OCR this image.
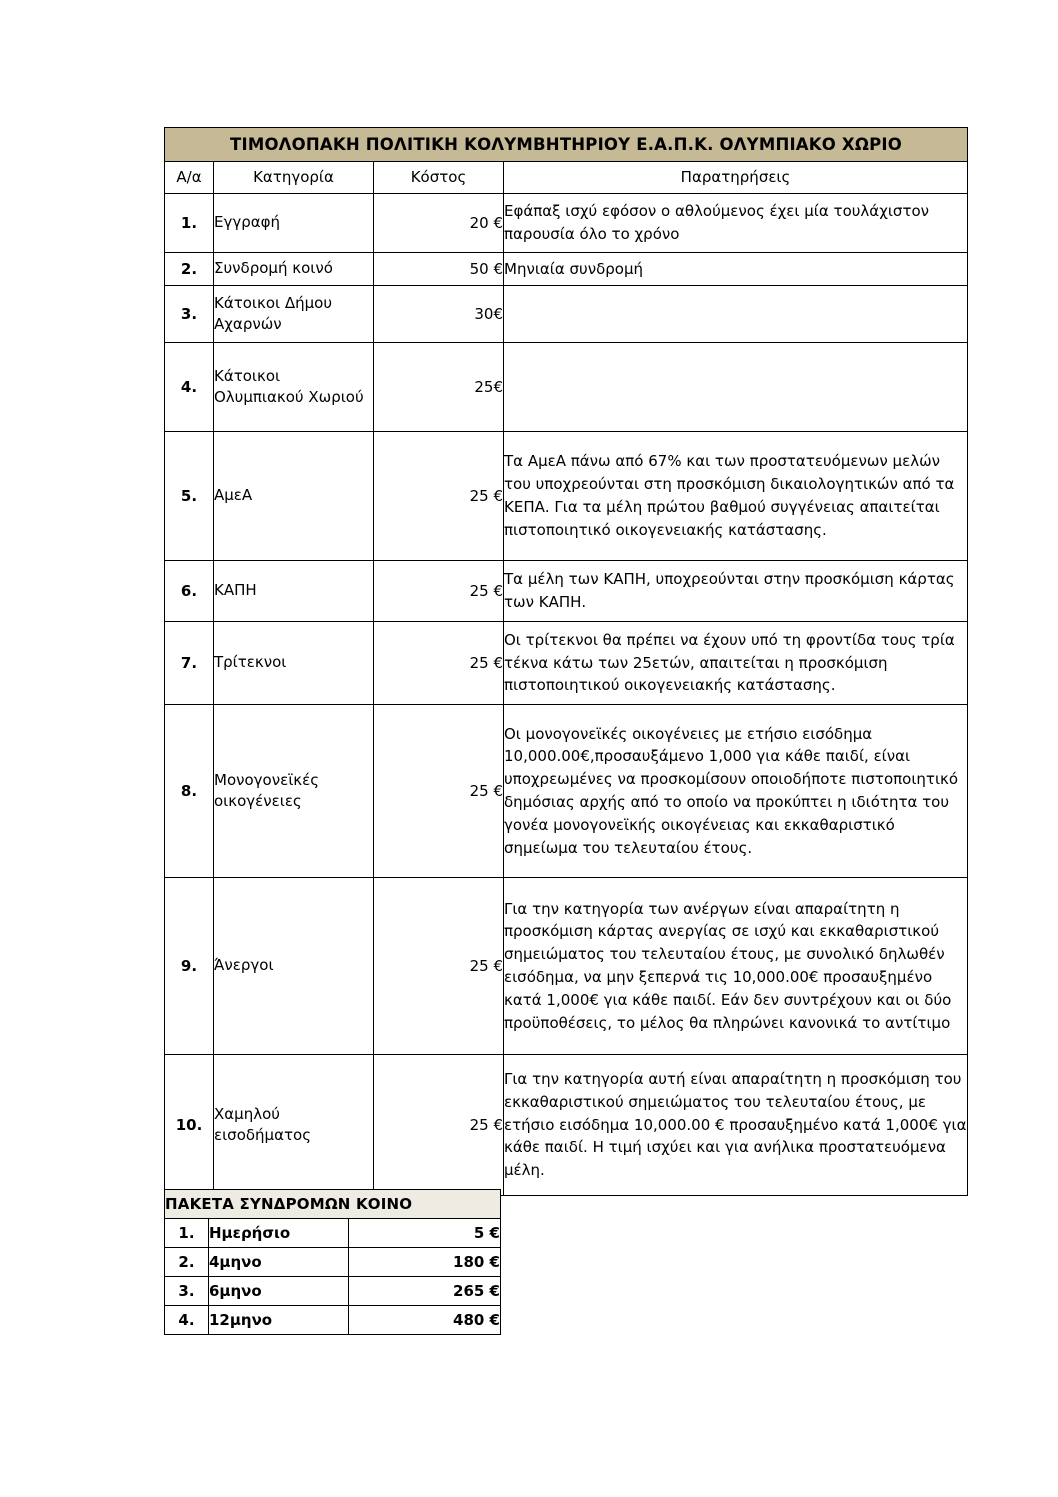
ΤΙΜΟΛΟΠΑΚΗ ΠΟΛΙΤΙΚΗ ΚΟΛΥΜΒΗΤΗΡΙΟΥ Ε.Α.Π.Κ. ΟΛΥΜΠΙΑΚΟ ΧΩΡΙΟ			
Α/α	Κατηγορία	Κόστος	Παρατηρήσεις
1.	Εγγραφή	20 €	Εφάπαξ ισχύ εφόσον ο αθλούμενος έχει μία τουλάχιστον παρουσία όλο το χρόνο
2.	Συνδρομή κοινό	50 €	Μηνιαία συνδρομή
3.	Κάτοικοι Δήμου Αχαρνών	30€	
4.	Κάτοικοι Ολυμπιακού Χωριού	25€	
5.	ΑμεΑ	25 €	Τα ΑμεΑ πάνω από 67% και των προστατευόμενων μελών του υποχρεούνται στη προσκόμιση δικαιολογητικών από τα ΚΕΠΑ. Για τα μέλη πρώτου βαθμού συγγένειας απαιτείται πιστοποιητικό οικογενειακής κατάστασης.
6.	ΚΑΠΗ	25 €	Τα μέλη των ΚΑΠΗ, υποχρεούνται στην προσκόμιση κάρτας των ΚΑΠΗ.
7.	Τρίτεκνοι	25 €	Οι τρίτεκνοι θα πρέπει να έχουν υπό τη φροντίδα τους τρία τέκνα κάτω των 25ετών, απαιτείται η προσκόμιση πιστοποιητικού οικογενειακής κατάστασης.
8.	Μονογονεϊκές οικογένειες	25 €	Οι μονογονεϊκές οικογένειες με ετήσιο εισόδημα 10,000.00€,προσαυξάμενο 1,000 για κάθε παιδί, είναι υποχρεωμένες να προσκομίσουν οποιοδήποτε πιστοποιητικό δημόσιας αρχής από το οποίο να προκύπτει η ιδιότητα του γονέα μονογονεϊκής οικογένειας και εκκαθαριστικό σημείωμα του τελευταίου έτους.
9.	Άνεργοι	25 €	Για την κατηγορία των ανέργων είναι απαραίτητη η προσκόμιση κάρτας ανεργίας σε ισχύ και εκκαθαριστικού σημειώματος του τελευταίου έτους, με συνολικό δηλωθέν εισόδημα, να μην ξεπερνά τις 10,000.00€ προσαυξημένο κατά 1,000€ για κάθε παιδί. Εάν δεν συντρέχουν και οι δύο προϋποθέσεις, το μέλος θα πληρώνει κανονικά το αντίτιμο
10.	Χαμηλού εισοδήματος	25 €	Για την κατηγορία αυτή είναι απαραίτητη η προσκόμιση του εκκαθαριστικού σημειώματος του τελευταίου έτους, με ετήσιο εισόδημα 10,000.00 € προσαυξημένο κατά 1,000€ για κάθε παιδί. Η τιμή ισχύει και για ανήλικα προστατευόμενα μέλη.
ΠΑΚΕΤΑ ΣΥΝΔΡΟΜΩΝ ΚΟΙΝΟ		
1.	Ημερήσιο	5 €
2.	4μηνο	180 €
3.	6μηνο	265 €
4.	12μηνο	480 €
